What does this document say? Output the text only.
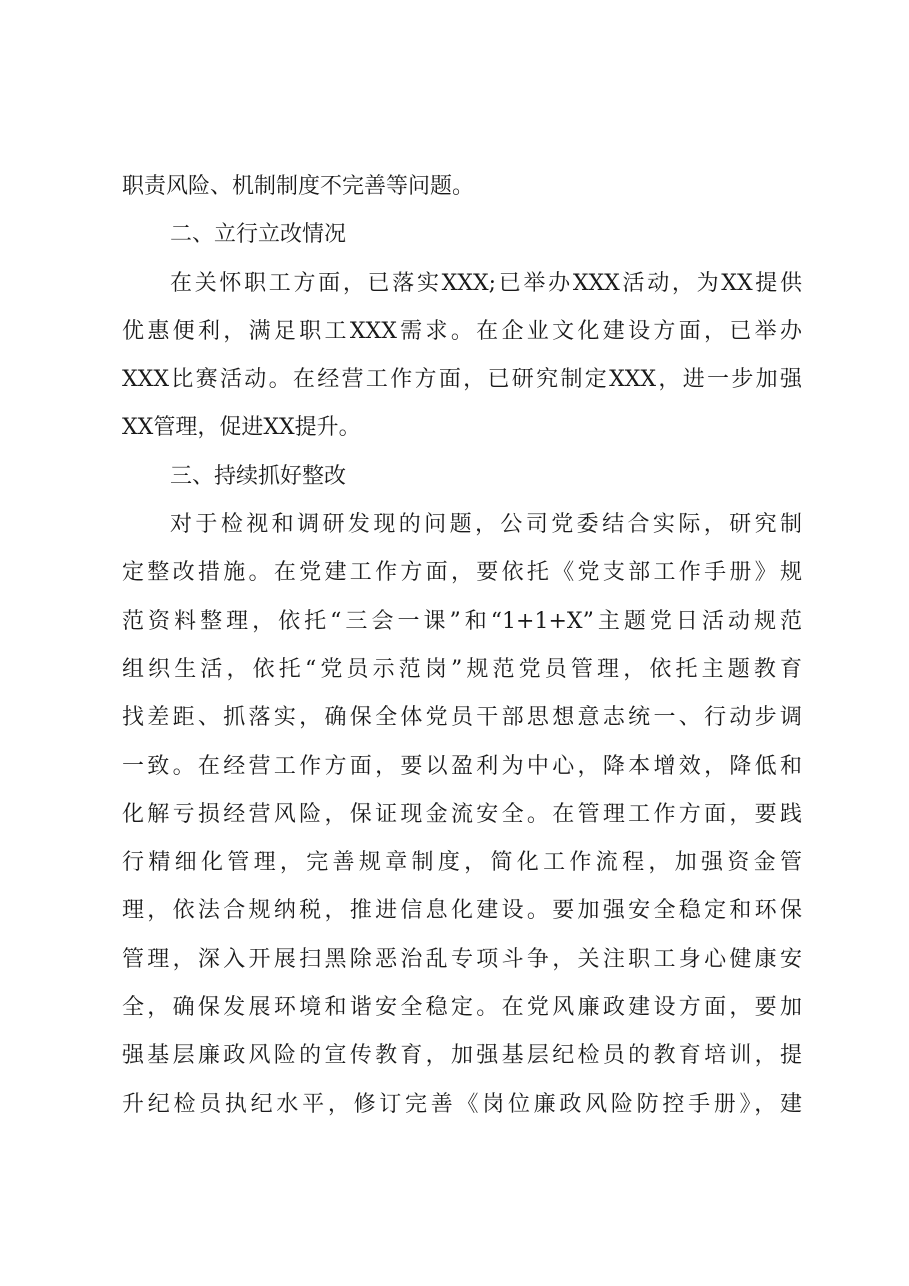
职责风险、机制制度不完善等问题。
二、立行立改情况
在关怀职工方面，已落实XXX;已举办XXX活动，为XX提供
优惠便利，满足职工XXX需求。在企业文化建设方面，已举办
XXX比赛活动。在经营工作方面，已研究制定XXX，进一步加强
XX管理，促进XX提升。
三、持续抓好整改
对于检视和调研发现的问题，公司党委结合实际，研究制
定整改措施。在党建工作方面，要依托《党支部工作手册》规
范资料整理，依托“三会一课”和“1+1+X”主题党日活动规范
组织生活，依托“党员示范岗”规范党员管理，依托主题教育
找差距、抓落实，确保全体党员干部思想意志统一、行动步调
一致。在经营工作方面，要以盈利为中心，降本增效，降低和
化解亏损经营风险，保证现金流安全。在管理工作方面，要践
行精细化管理，完善规章制度，简化工作流程，加强资金管
理，依法合规纳税，推进信息化建设。要加强安全稳定和环保
管理，深入开展扫黑除恶治乱专项斗争，关注职工身心健康安
全，确保发展环境和谐安全稳定。在党风廉政建设方面，要加
强基层廉政风险的宣传教育，加强基层纪检员的教育培训，提
升纪检员执纪水平，修订完善《岗位廉政风险防控手册》，建
